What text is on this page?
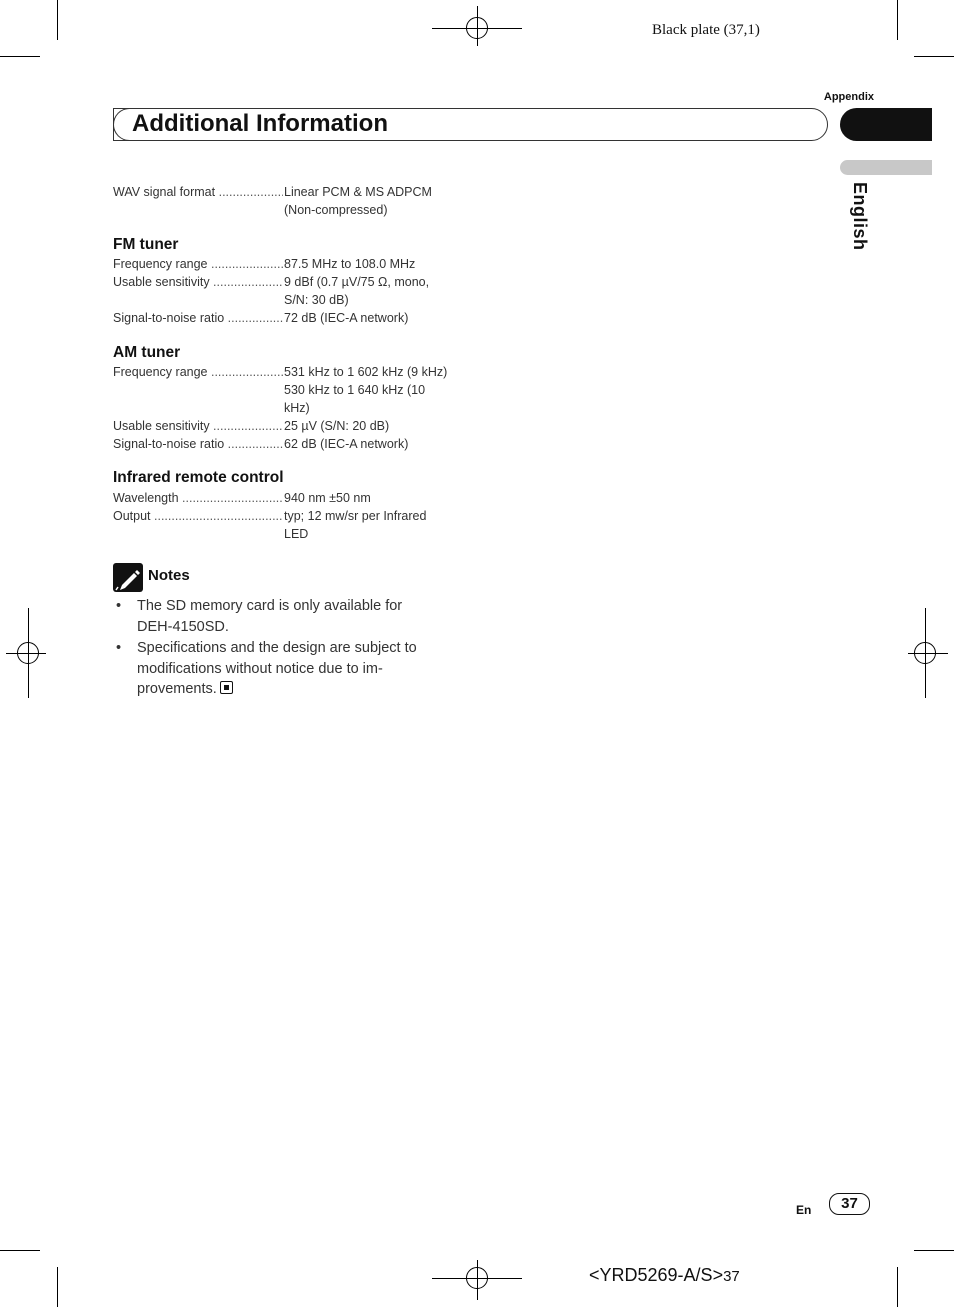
Black plate (37,1)
Appendix
Additional Information
English
WAV signal format .....	Linear PCM & MS ADPCM (Non-compressed)
FM tuner
Frequency range .....	87.5 MHz to 108.0 MHz
Usable sensitivity .....	9 dBf (0.7 µV/75 Ω, mono, S/N: 30 dB)
Signal-to-noise ratio .....	72 dB (IEC-A network)
AM tuner
Frequency range .....	531 kHz to 1 602 kHz (9 kHz)
530 kHz to 1 640 kHz (10 kHz)
Usable sensitivity .....	25 µV (S/N: 20 dB)
Signal-to-noise ratio .....	62 dB (IEC-A network)
Infrared remote control
Wavelength .....	940 nm ±50 nm
Output .....	typ; 12 mw/sr per Infrared LED
Notes
• The SD memory card is only available for DEH-4150SD.
• Specifications and the design are subject to modifications without notice due to im-provements.
En	37
<YRD5269-A/S>37
